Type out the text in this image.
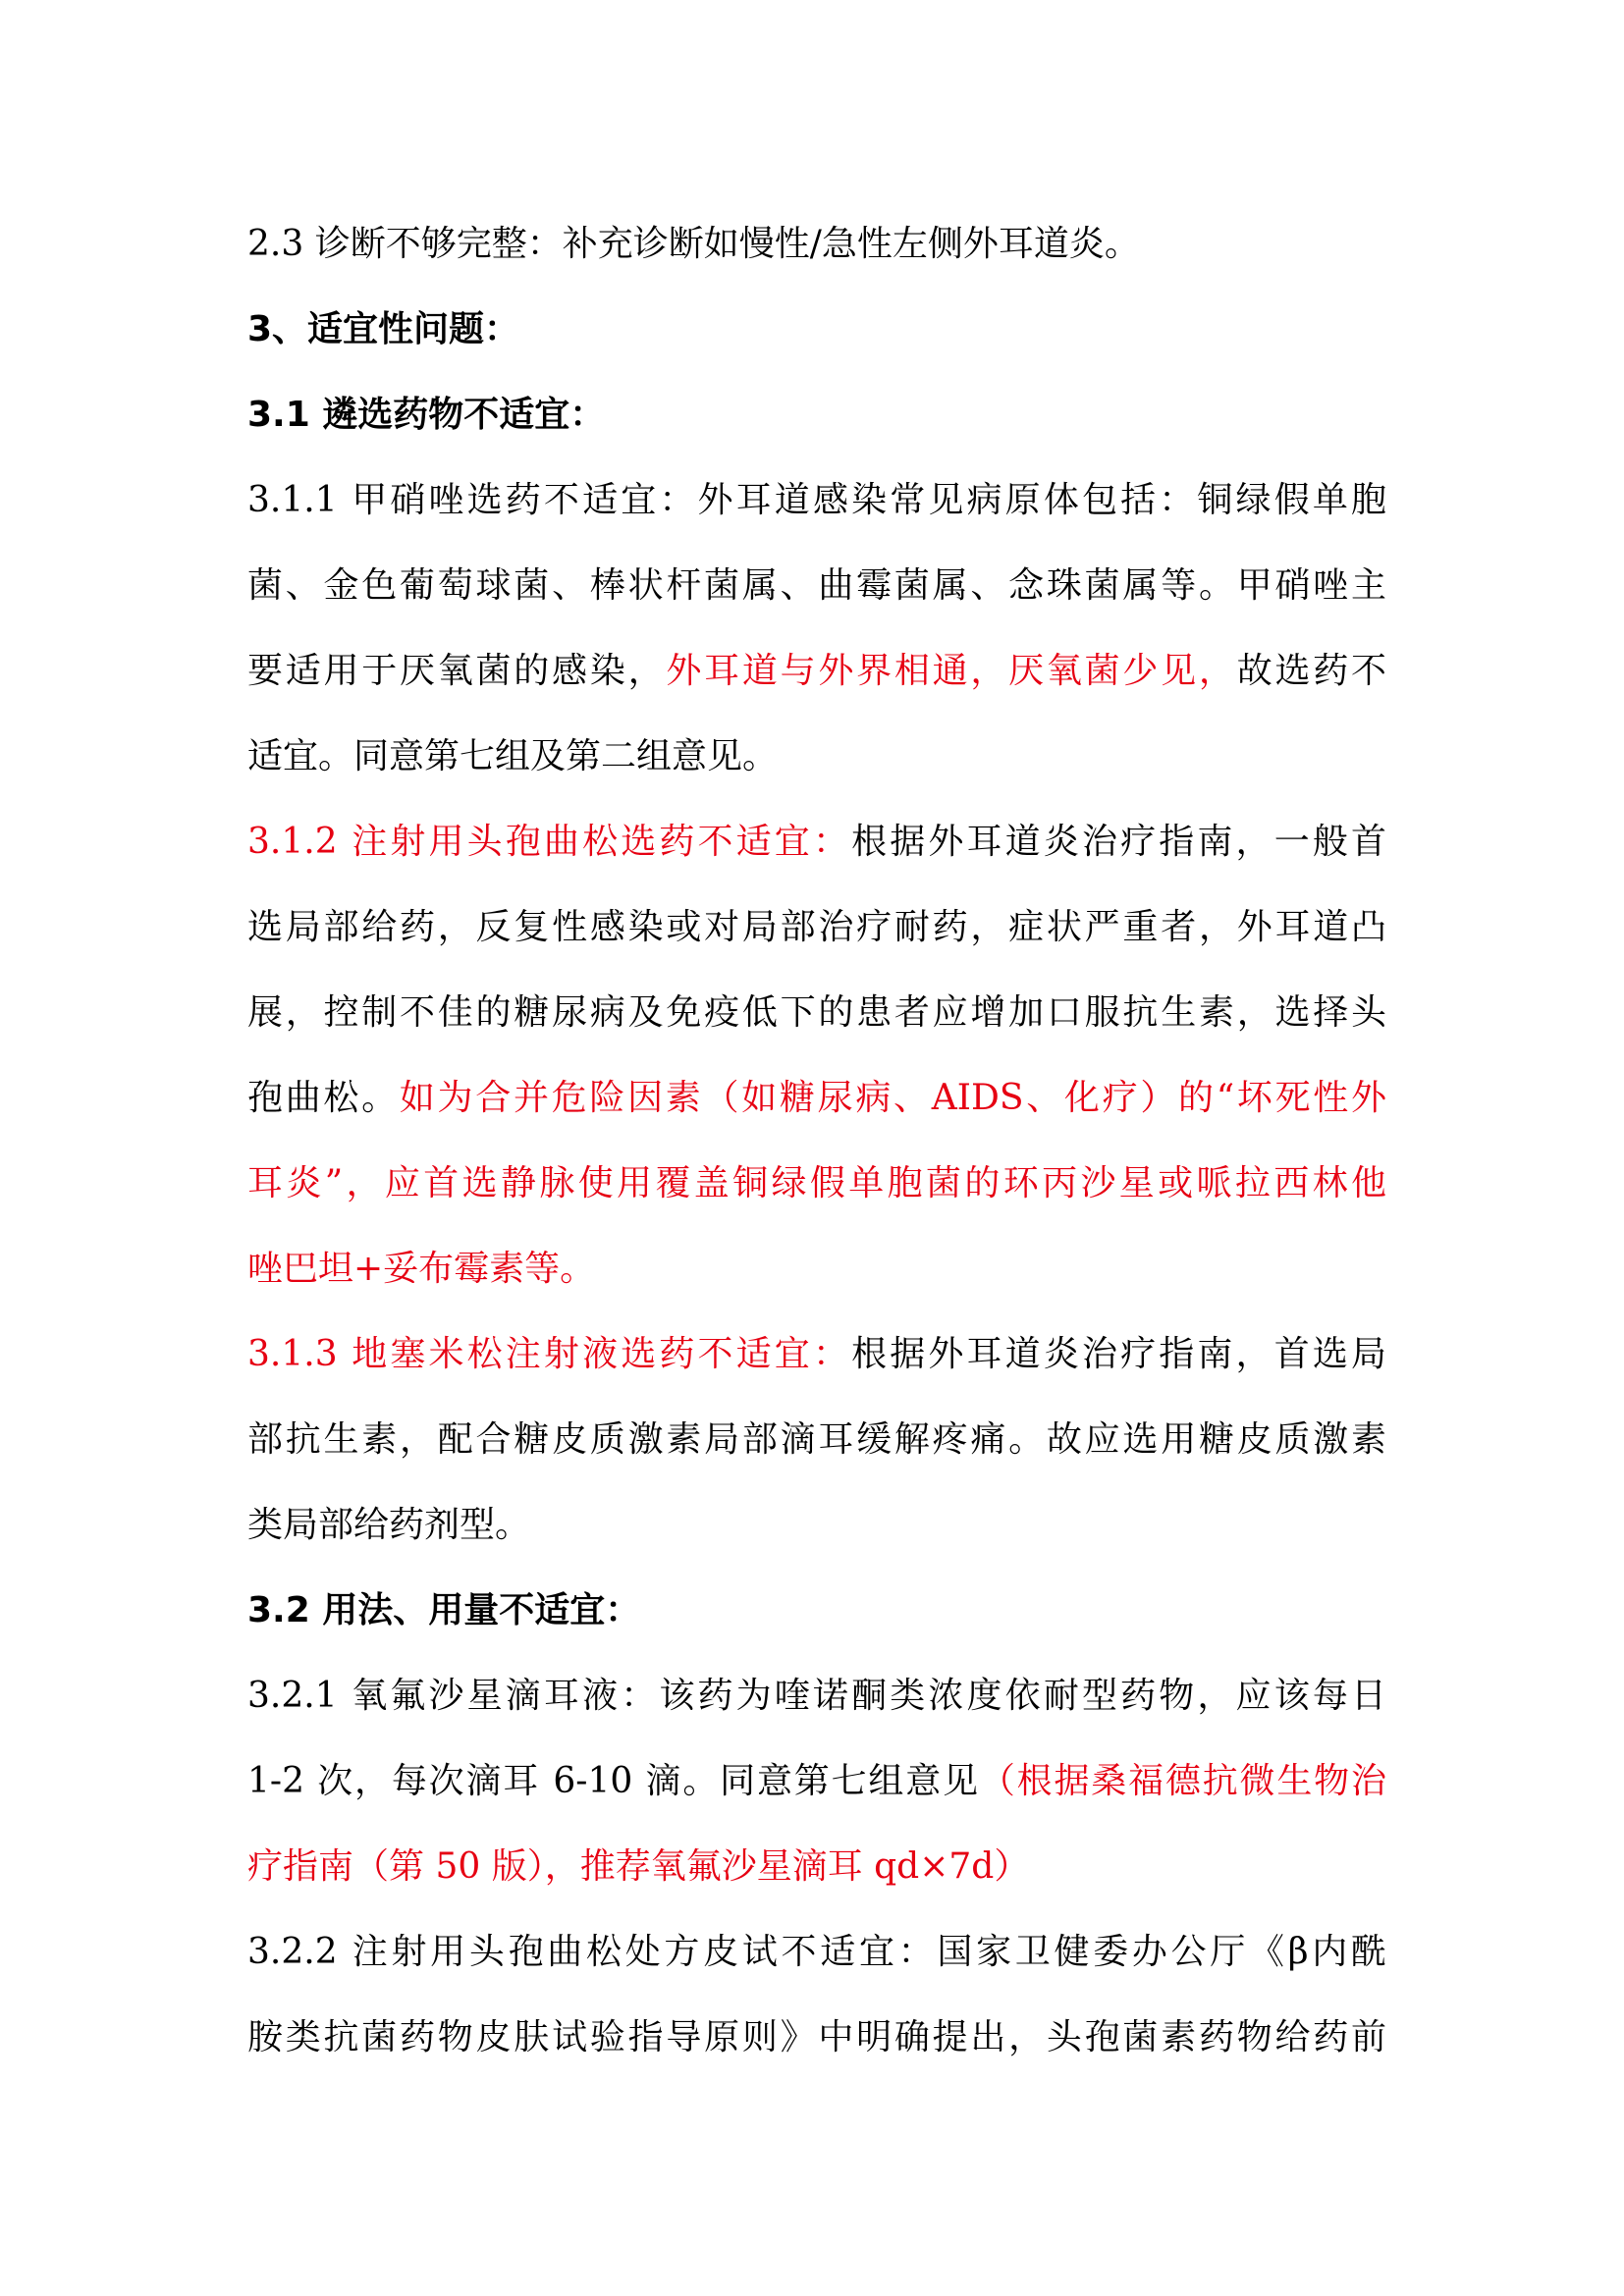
2.3 诊断不够完整：补充诊断如慢性/急性左侧外耳道炎。
3、适宜性问题：
3.1 遴选药物不适宜：
3.1.1 甲硝唑选药不适宜：外耳道感染常见病原体包括：铜绿假单胞
菌、金色葡萄球菌、棒状杆菌属、曲霉菌属、念珠菌属等。甲硝唑主
要适用于厌氧菌的感染，外耳道与外界相通，厌氧菌少见，故选药不
适宜。同意第七组及第二组意见。
3.1.2 注射用头孢曲松选药不适宜：根据外耳道炎治疗指南，一般首
选局部给药，反复性感染或对局部治疗耐药，症状严重者，外耳道凸
展，控制不佳的糖尿病及免疫低下的患者应增加口服抗生素，选择头
孢曲松。如为合并危险因素（如糖尿病、AIDS、化疗）的“坏死性外
耳炎”，应首选静脉使用覆盖铜绿假单胞菌的环丙沙星或哌拉西林他
唑巴坦+妥布霉素等。
3.1.3 地塞米松注射液选药不适宜：根据外耳道炎治疗指南，首选局
部抗生素，配合糖皮质激素局部滴耳缓解疼痛。故应选用糖皮质激素
类局部给药剂型。
3.2 用法、用量不适宜：
3.2.1 氧氟沙星滴耳液：该药为喹诺酮类浓度依耐型药物，应该每日
1-2 次，每次滴耳 6-10 滴。同意第七组意见（根据桑福德抗微生物治
疗指南（第 50 版），推荐氧氟沙星滴耳 qd×7d）
3.2.2 注射用头孢曲松处方皮试不适宜：国家卫健委办公厅《β内酰
胺类抗菌药物皮肤试验指导原则》中明确提出，头孢菌素药物给药前
